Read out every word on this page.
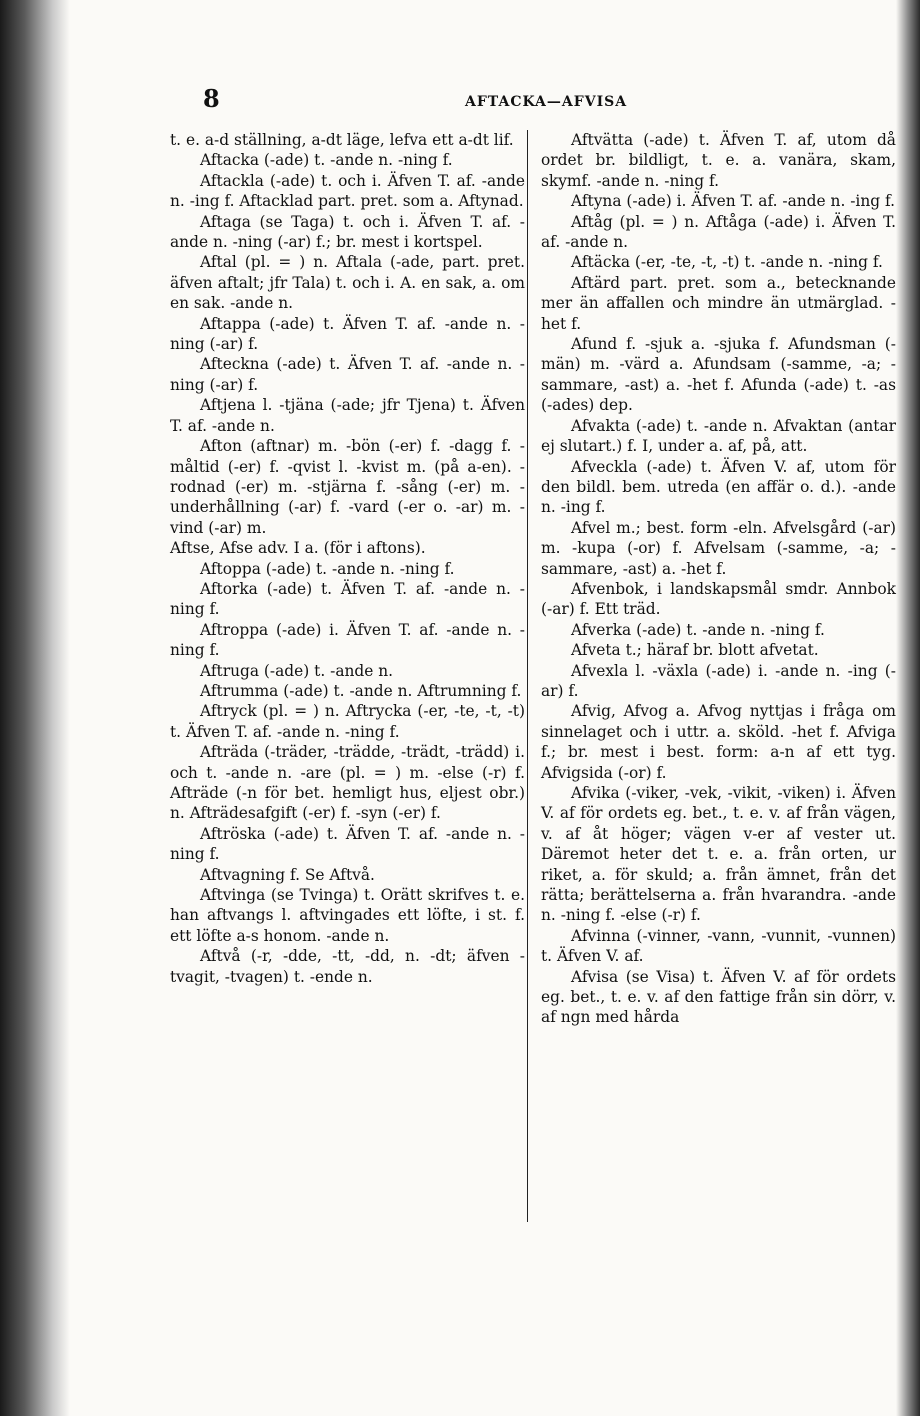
8	AFTACKA—AFVISA

t. e. a-d ställning, a-dt läge, lefva ett a-dt lif.

Aftacka (-ade) t. -ande n. -ning f.

Aftackla (-ade) t. och i. Äfven T. af. -ande n. -ing f. Aftacklad part. pret. som a. Aftynad.

Aftaga (se Taga) t. och i. Äfven T. af. -ande n. -ning (-ar) f.; br. mest i kortspel.

Aftal (pl. = ) n. Aftala (-ade, part. pret. äfven aftalt; jfr Tala) t. och i. A. en sak, a. om en sak. -ande n.

Aftappa (-ade) t. Äfven T. af. -ande n. -ning (-ar) f.

Afteckna (-ade) t. Äfven T. af. -ande n. -ning (-ar) f.

Aftjena l. -tjäna (-ade; jfr Tjena) t. Äfven T. af. -ande n.

Afton (aftnar) m. -bön (-er) f. -dagg f. -måltid (-er) f. -qvist l. -kvist m. (på a-en). -rodnad (-er) m. -stjärna f. -sång (-er) m. -underhållning (-ar) f. -vard (-er o. -ar) m. -vind (-ar) m.

Aftse, Afse adv. I a. (för i aftons).

Aftoppa (-ade) t. -ande n. -ning f.

Aftorka (-ade) t. Äfven T. af. -ande n. -ning f.

Aftroppa (-ade) i. Äfven T. af. -ande n. -ning f.

Aftruga (-ade) t. -ande n.

Aftrumma (-ade) t. -ande n. Aftrumning f.

Aftryck (pl. = ) n. Aftrycka (-er, -te, -t, -t) t. Äfven T. af. -ande n. -ning f.

Afträda (-träder, -trädde, -trädt, -trädd) i. och t. -ande n. -are (pl. = ) m. -else (-r) f. Afträde (-n för bet. hemligt hus, eljest obr.) n. Afträdesafgift (-er) f. -syn (-er) f.

Aftröska (-ade) t. Äfven T. af. -ande n. -ning f.

Aftvagning f. Se Aftvå.

Aftvinga (se Tvinga) t. Orätt skrifves t. e. han aftvangs l. aftvingades ett löfte, i st. f. ett löfte a-s honom. -ande n.

Aftvå (-r, -dde, -tt, -dd, n. -dt; äfven -tvagit, -tvagen) t. -ende n.

Aftvätta (-ade) t. Äfven T. af, utom då ordet br. bildligt, t. e. a. vanära, skam, skymf. -ande n. -ning f.

Aftyna (-ade) i. Äfven T. af. -ande n. -ing f.

Aftåg (pl. = ) n. Aftåga (-ade) i. Äfven T. af. -ande n.

Aftäcka (-er, -te, -t, -t) t. -ande n. -ning f.

Aftärd part. pret. som a., betecknande mer än affallen och mindre än utmärglad. -het f.

Afund f. -sjuk a. -sjuka f. Afundsman (-män) m. -värd a. Afundsam (-samme, -a; -sammare, -ast) a. -het f. Afunda (-ade) t. -as (-ades) dep.

Afvakta (-ade) t. -ande n. Afvaktan (antar ej slutart.) f. I, under a. af, på, att.

Afveckla (-ade) t. Äfven V. af, utom för den bildl. bem. utreda (en affär o. d.). -ande n. -ing f.

Afvel m.; best. form -eln. Afvelsgård (-ar) m. -kupa (-or) f. Afvelsam (-samme, -a; -sammare, -ast) a. -het f.

Afvenbok, i landskapsmål smdr. Annbok (-ar) f. Ett träd.

Afverka (-ade) t. -ande n. -ning f.

Afveta t.; häraf br. blott afvetat.

Afvexla l. -växla (-ade) i. -ande n. -ing (-ar) f.

Afvig, Afvog a. Afvog nyttjas i fråga om sinnelaget och i uttr. a. sköld. -het f. Afviga f.; br. mest i best. form: a-n af ett tyg. Afvigsida (-or) f.

Afvika (-viker, -vek, -vikit, -viken) i. Äfven V. af för ordets eg. bet., t. e. v. af från vägen, v. af åt höger; vägen v-er af vester ut. Däremot heter det t. e. a. från orten, ur riket, a. för skuld; a. från ämnet, från det rätta; berättelserna a. från hvarandra. -ande n. -ning f. -else (-r) f.

Afvinna (-vinner, -vann, -vunnit, -vunnen) t. Äfven V. af.

Afvisa (se Visa) t. Äfven V. af för ordets eg. bet., t. e. v. af den fattige från sin dörr, v. af ngn med hårda
